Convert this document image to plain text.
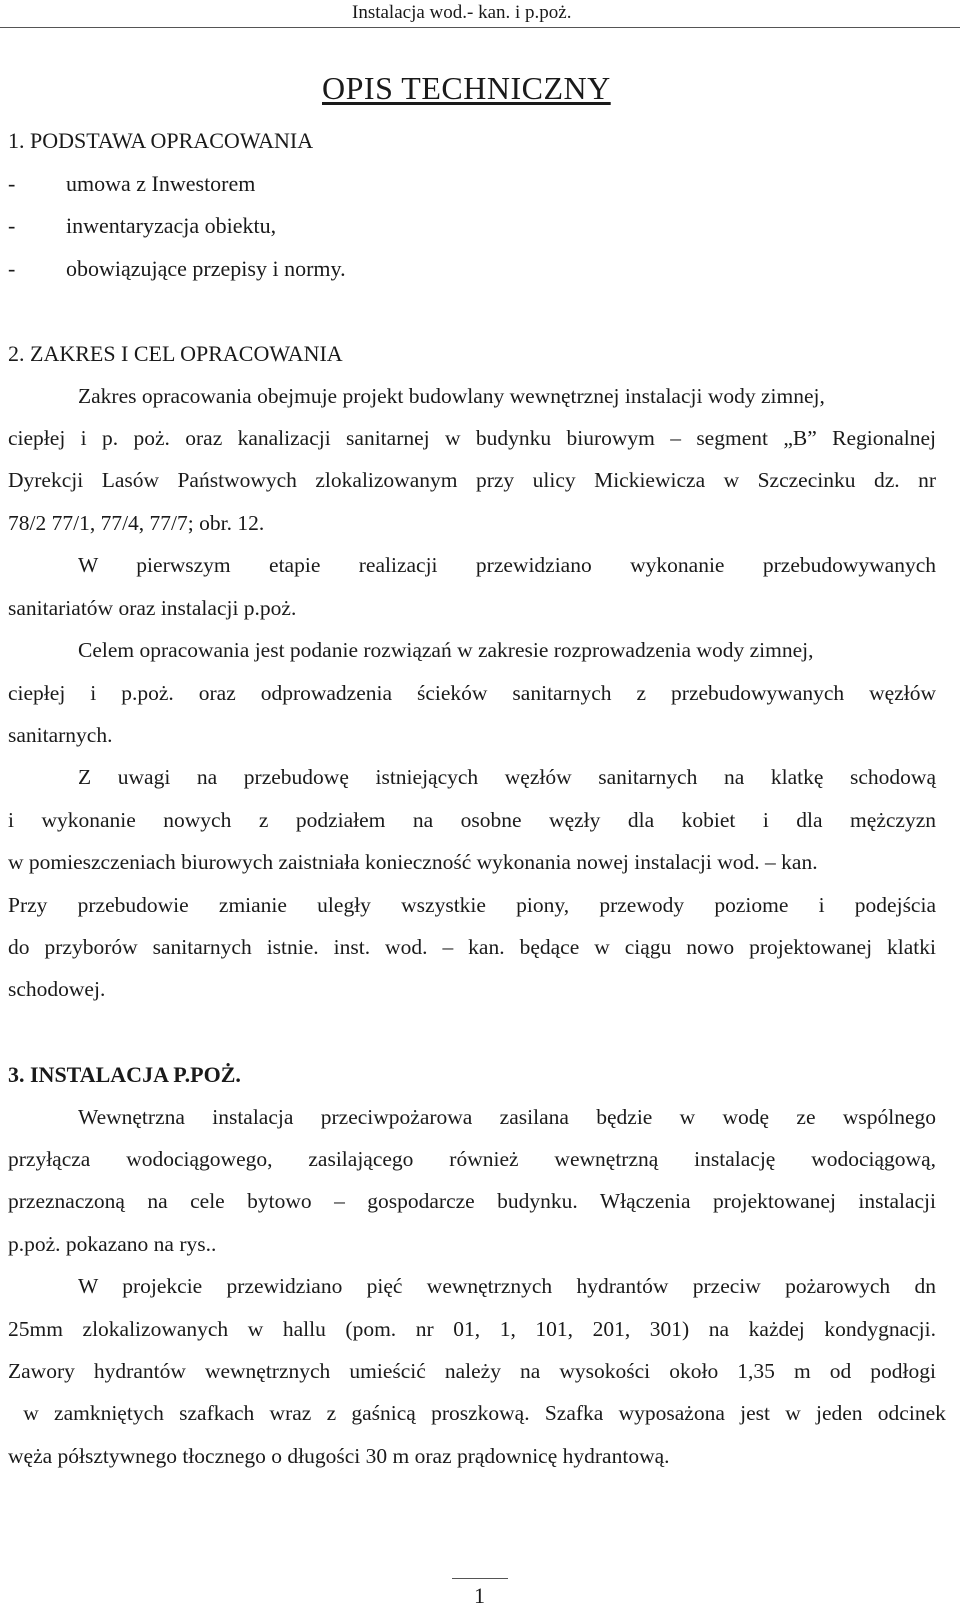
Instalacja wod.- kan. i p.poż.
OPIS TECHNICZNY
1. PODSTAWA OPRACOWANIA
- umowa z Inwestorem
- inwentaryzacja obiektu,
- obowiązujące przepisy i normy.
2. ZAKRES I CEL OPRACOWANIA
Zakres opracowania obejmuje projekt budowlany wewnętrznej instalacji wody zimnej,
ciepłej i p. poż. oraz kanalizacji sanitarnej w budynku biurowym – segment „B” Regionalnej
Dyrekcji Lasów Państwowych zlokalizowanym przy ulicy Mickiewicza w Szczecinku dz. nr
78/2 77/1, 77/4, 77/7; obr. 12.
W pierwszym etapie realizacji przewidziano wykonanie przebudowywanych
sanitariatów oraz instalacji p.poż.
Celem opracowania jest podanie rozwiązań w zakresie rozprowadzenia wody zimnej,
ciepłej i p.poż. oraz odprowadzenia ścieków sanitarnych z przebudowywanych węzłów
sanitarnych.
Z uwagi na przebudowę istniejących węzłów sanitarnych na klatkę schodową
i wykonanie nowych z podziałem na osobne węzły dla kobiet i dla mężczyzn
w pomieszczeniach biurowych zaistniała konieczność wykonania nowej instalacji wod. – kan.
Przy przebudowie zmianie uległy wszystkie piony, przewody poziome i podejścia
do przyborów sanitarnych istnie. inst. wod. – kan. będące w ciągu nowo projektowanej klatki
schodowej.
3. INSTALACJA P.POŻ.
Wewnętrzna instalacja przeciwpożarowa zasilana będzie w wodę ze wspólnego
przyłącza wodociągowego, zasilającego również wewnętrzną instalację wodociągową,
przeznaczoną na cele bytowo – gospodarcze budynku. Włączenia projektowanej instalacji
p.poż. pokazano na rys..
W projekcie przewidziano pięć wewnętrznych hydrantów przeciw pożarowych dn
25mm zlokalizowanych w hallu (pom. nr 01, 1, 101, 201, 301) na każdej kondygnacji.
Zawory hydrantów wewnętrznych umieścić należy na wysokości około 1,35 m od podłogi
w zamkniętych szafkach wraz z gaśnicą proszkową. Szafka wyposażona jest w jeden odcinek
węża półsztywnego tłocznego o długości 30 m oraz prądownicę hydrantową.
1
